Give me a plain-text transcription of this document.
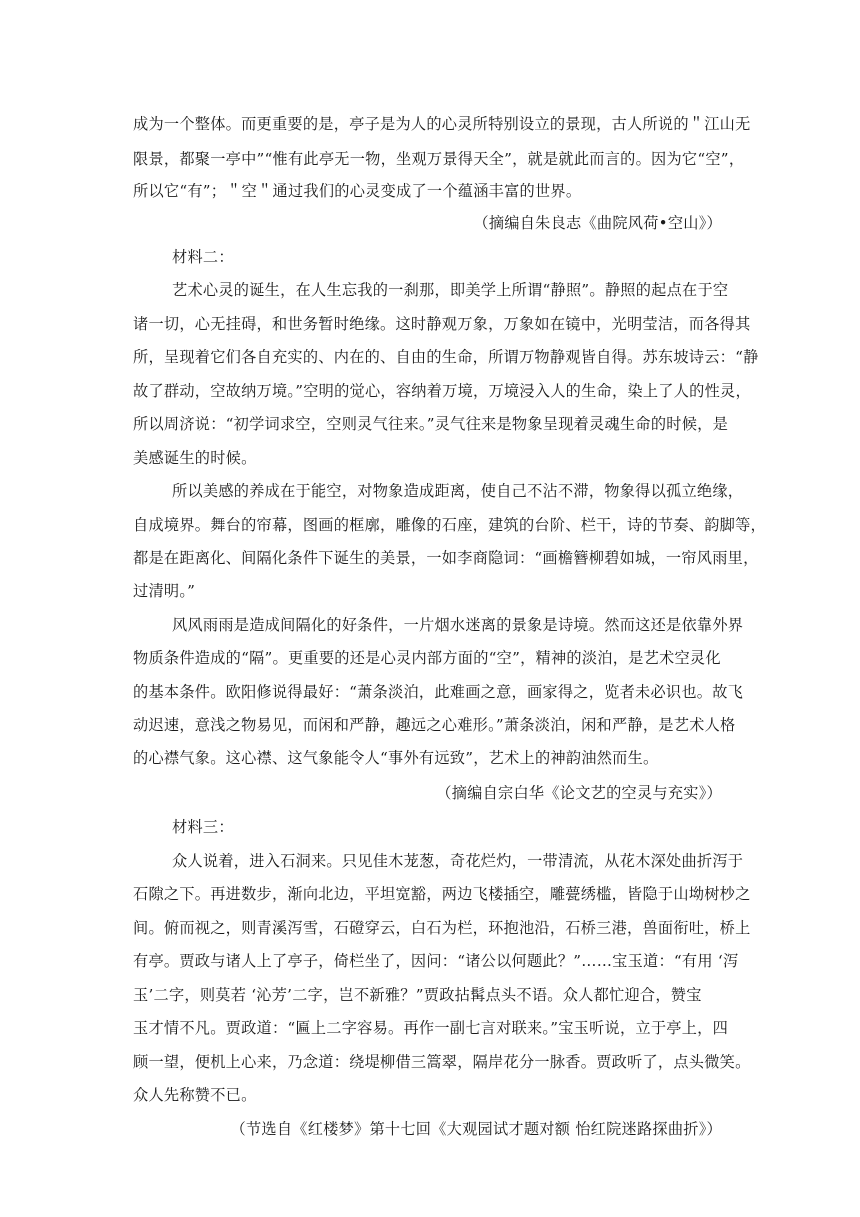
成为一个整体。而更重要的是，亭子是为人的心灵所特别设立的景现，古人所说的＂江山无
限景，都聚一亭中”“惟有此亭无一物，坐观万景得天全”，就是就此而言的。因为它“空”，
所以它“有”；＂空＂通过我们的心灵变成了一个蕴涵丰富的世界。
（摘编自朱良志《曲院风荷•空山》）
材料二：
艺术心灵的诞生，在人生忘我的一刹那，即美学上所谓“静照”。静照的起点在于空
诸一切，心无挂碍，和世务暂时绝缘。这时静观万象，万象如在镜中，光明莹洁，而各得其
所，呈现着它们各自充实的、内在的、自由的生命，所谓万物静观皆自得。苏东坡诗云：“静
故了群动，空故纳万境。”空明的觉心，容纳着万境，万境浸入人的生命，染上了人的性灵，
所以周济说：“初学词求空，空则灵气往来。”灵气往来是物象呈现着灵魂生命的时候，是
美感诞生的时候。
所以美感的养成在于能空，对物象造成距离，使自己不沾不滞，物象得以孤立绝缘，
自成境界。舞台的帘幕，图画的框廓，雕像的石座，建筑的台阶、栏干，诗的节奏、韵脚等，
都是在距离化、间隔化条件下诞生的美景，一如李商隐词：“画檐簪柳碧如城，一帘风雨里，
过清明。”
风风雨雨是造成间隔化的好条件，一片烟水迷离的景象是诗境。然而这还是依靠外界
物质条件造成的“隔”。更重要的还是心灵内部方面的“空”，精神的淡泊，是艺术空灵化
的基本条件。欧阳修说得最好：“萧条淡泊，此难画之意，画家得之，览者未必识也。故飞
动迟速，意浅之物易见，而闲和严静，趣远之心难形。”萧条淡泊，闲和严静，是艺术人格
的心襟气象。这心襟、这气象能令人“事外有远致”，艺术上的神韵油然而生。
（摘编自宗白华《论文艺的空灵与充实》）
材料三：
众人说着，进入石洞来。只见佳木茏葱，奇花烂灼，一带清流，从花木深处曲折泻于
石隙之下。再进数步，渐向北边，平坦宽豁，两边飞楼插空，雕甍绣槛，皆隐于山坳树杪之
间。俯而视之，则青溪泻雪，石磴穿云，白石为栏，环抱池沿，石桥三港，兽面衔吐，桥上
有亭。贾政与诸人上了亭子，倚栏坐了，因问：“诸公以何题此？”……宝玉道：“有用 ‘泻
玉’二字，则莫若 ‘沁芳’二字，岂不新雅？”贾政拈髯点头不语。众人都忙迎合，赞宝
玉才情不凡。贾政道：“匾上二字容易。再作一副七言对联来。”宝玉听说，立于亭上，四
顾一望，便机上心来，乃念道：绕堤柳借三篙翠，隔岸花分一脉香。贾政听了，点头微笑。
众人先称赞不已。
（节选自《红楼梦》第十七回《大观园试才题对额 怡红院迷路探曲折》）
